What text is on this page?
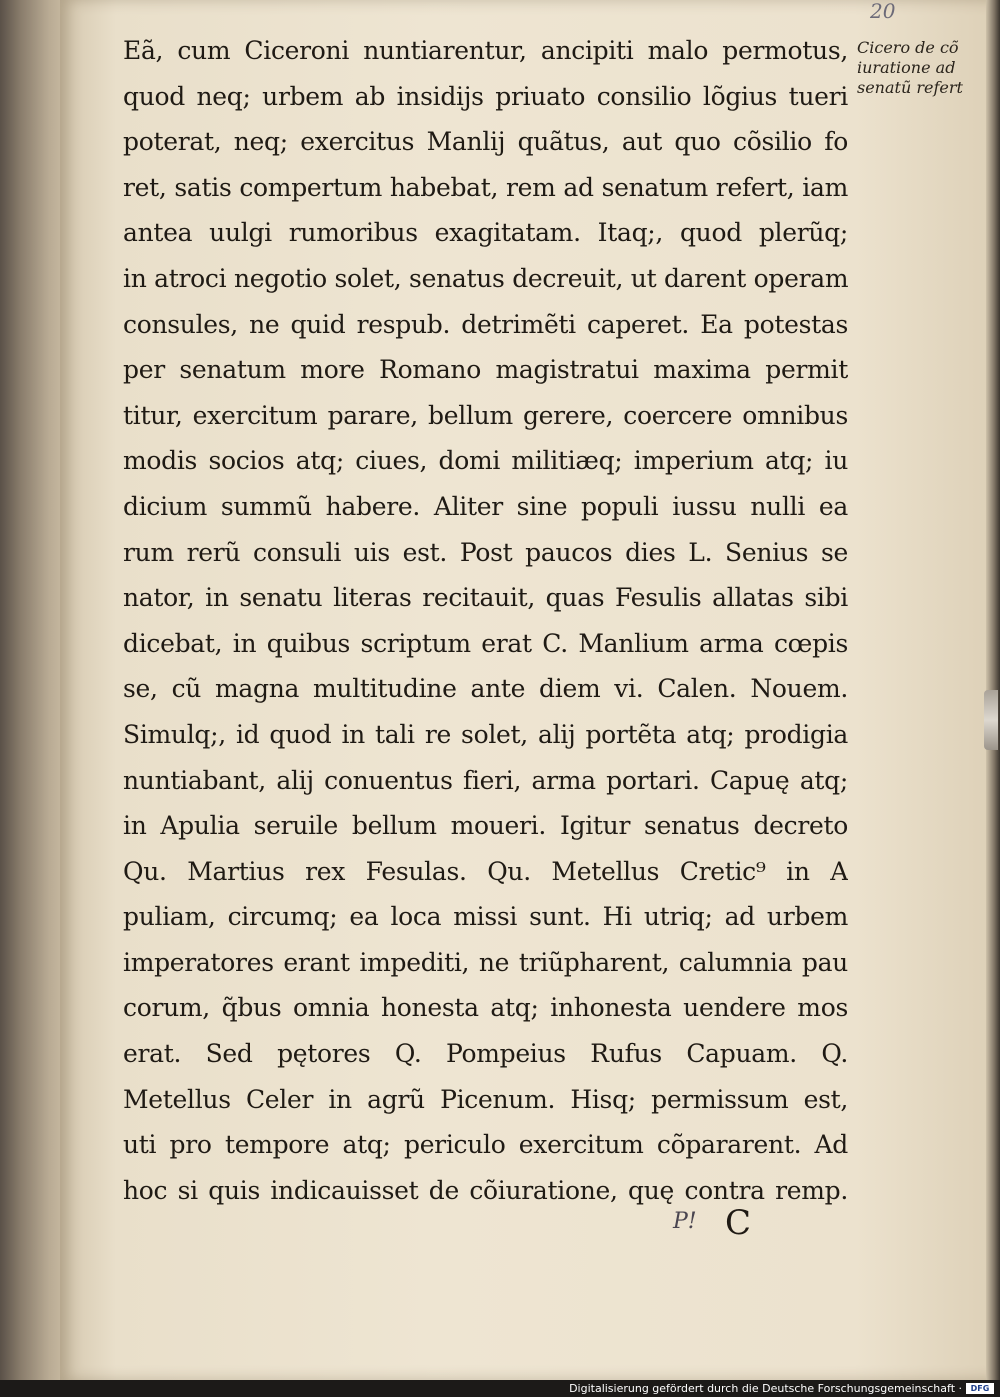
20
Eã, cum Ciceroni nuntiarentur, ancipiti malo permotus,
quod neq; urbem ab insidijs priuato consilio lõgius tueri
poterat, neq; exercitus Manlij quãtus, aut quo cõsilio fo
ret, satis compertum habebat, rem ad senatum refert, iam
antea uulgi rumoribus exagitatam. Itaq;, quod plerũq;
in atroci negotio solet, senatus decreuit, ut darent operam
consules, ne quid respub. detrimẽti caperet. Ea potestas
per senatum more Romano magistratui maxima permit
titur, exercitum parare, bellum gerere, coercere omnibus
modis socios atq; ciues, domi militiæq; imperium atq; iu
dicium summũ habere. Aliter sine populi iussu nulli ea
rum rerũ consuli uis est. Post paucos dies L. Senius se
nator, in senatu literas recitauit, quas Fesulis allatas sibi
dicebat, in quibus scriptum erat C. Manlium arma cœpis
se, cũ magna multitudine ante diem vi. Calen. Nouem.
Simulq;, id quod in tali re solet, alij portẽta atq; prodigia
nuntiabant, alij conuentus fieri, arma portari. Capuę atq;
in Apulia seruile bellum moueri. Igitur senatus decreto
Qu. Martius rex Fesulas. Qu. Metellus Cretic⁹ in A
puliam, circumq; ea loca missi sunt. Hi utriq; ad urbem
imperatores erant impediti, ne triũpharent, calumnia pau
corum, q̃bus omnia honesta atq; inhonesta uendere mos
erat. Sed pętores Q. Pompeius Rufus Capuam. Q.
Metellus Celer in agrũ Picenum. Hisq; permissum est,
uti pro tempore atq; periculo exercitum cõpararent. Ad
hoc si quis indicauisset de cõiuratione, quę contra remp.
Cicero de cõ
iuratione ad
senatũ refert
P! C
Digitalisierung gefördert durch die Deutsche Forschungsgemeinschaft ·	DFG
